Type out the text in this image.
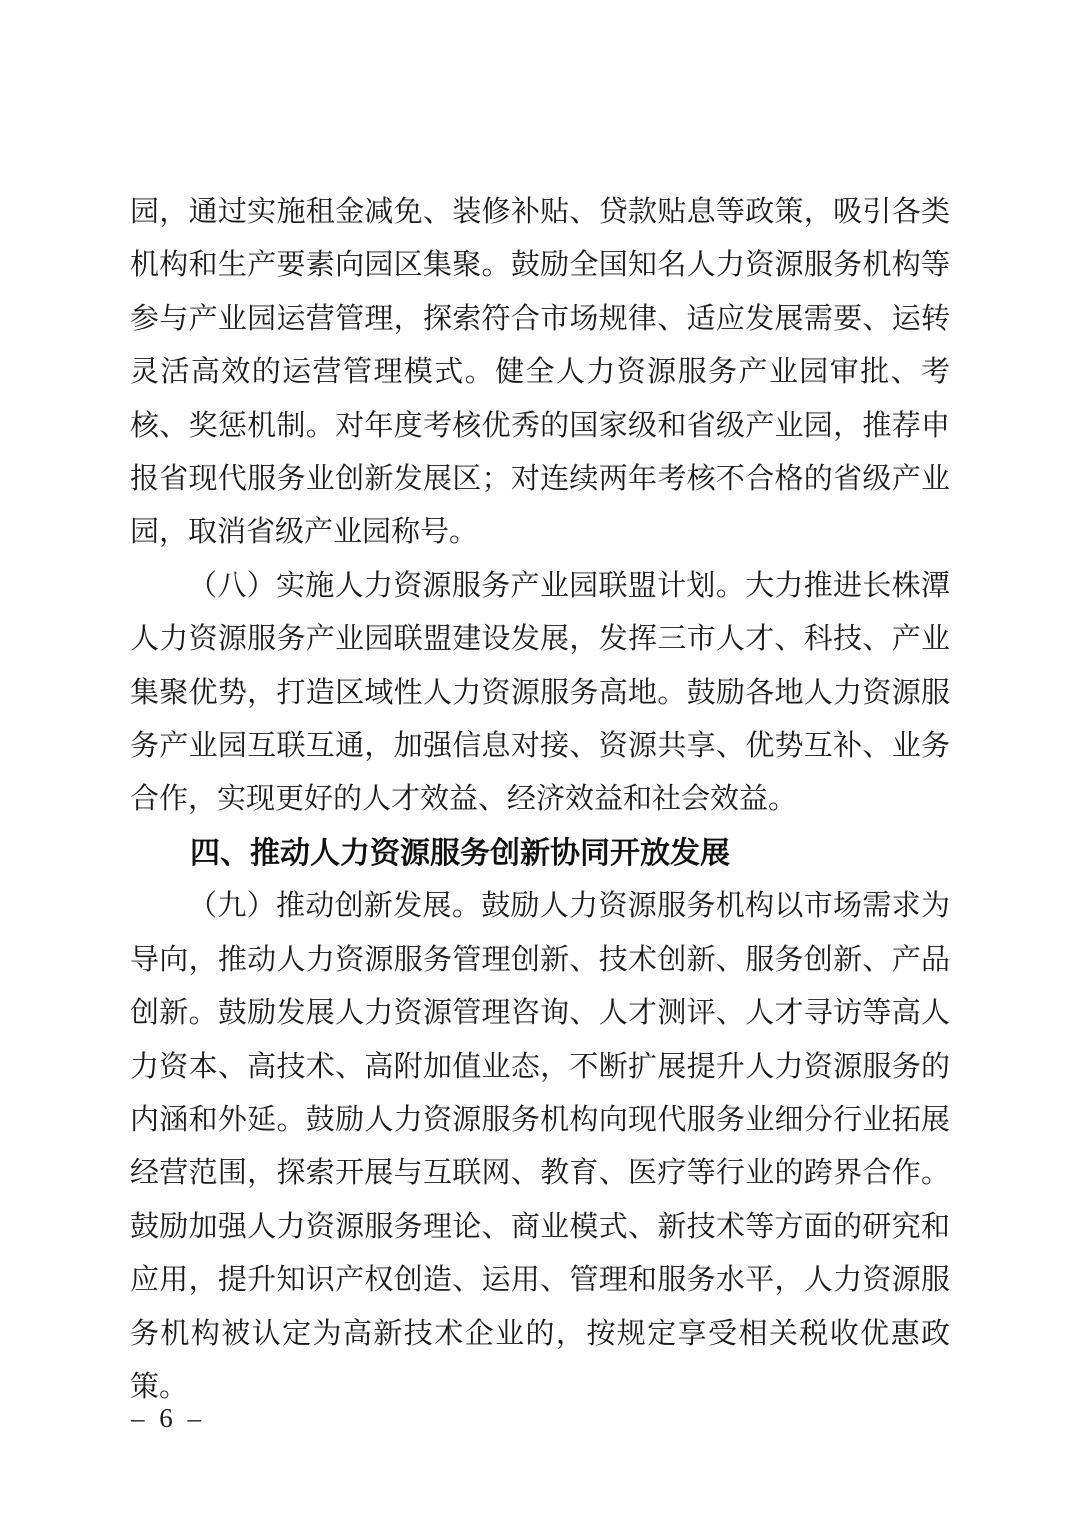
园，通过实施租金减免、装修补贴、贷款贴息等政策，吸引各类机构和生产要素向园区集聚。鼓励全国知名人力资源服务机构等参与产业园运营管理，探索符合市场规律、适应发展需要、运转灵活高效的运营管理模式。健全人力资源服务产业园审批、考核、奖惩机制。对年度考核优秀的国家级和省级产业园，推荐申报省现代服务业创新发展区；对连续两年考核不合格的省级产业园，取消省级产业园称号。

（八）实施人力资源服务产业园联盟计划。大力推进长株潭人力资源服务产业园联盟建设发展，发挥三市人才、科技、产业集聚优势，打造区域性人力资源服务高地。鼓励各地人力资源服务产业园互联互通，加强信息对接、资源共享、优势互补、业务合作，实现更好的人才效益、经济效益和社会效益。

四、推动人力资源服务创新协同开放发展

（九）推动创新发展。鼓励人力资源服务机构以市场需求为导向，推动人力资源服务管理创新、技术创新、服务创新、产品创新。鼓励发展人力资源管理咨询、人才测评、人才寻访等高人力资本、高技术、高附加值业态，不断扩展提升人力资源服务的内涵和外延。鼓励人力资源服务机构向现代服务业细分行业拓展经营范围，探索开展与互联网、教育、医疗等行业的跨界合作。鼓励加强人力资源服务理论、商业模式、新技术等方面的研究和应用，提升知识产权创造、运用、管理和服务水平，人力资源服务机构被认定为高新技术企业的，按规定享受相关税收优惠政策。

– 6 –
